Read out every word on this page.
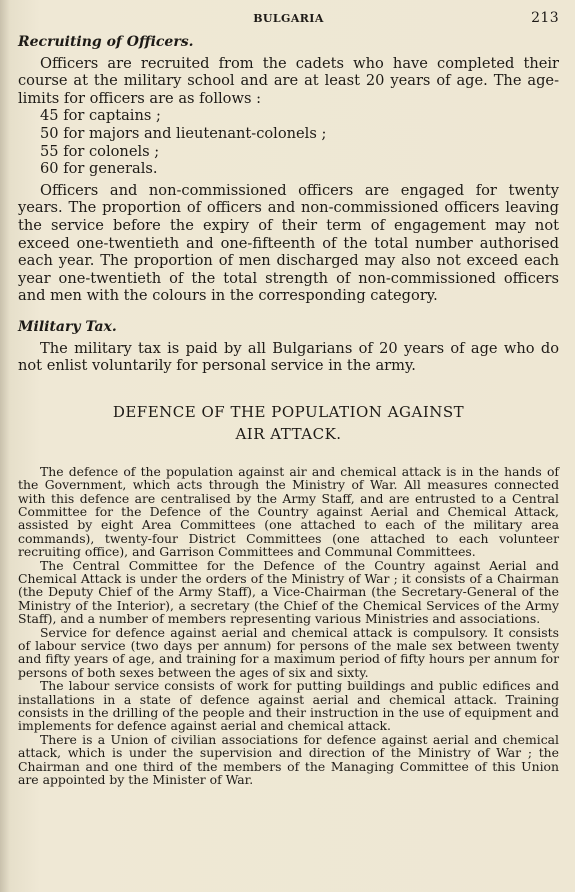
BULGARIA	213
Recruiting of Officers.

Officers are recruited from the cadets who have completed their course at the military school and are at least 20 years of age. The age-limits for officers are as follows :

45 for captains ;
50 for majors and lieutenant-colonels ;
55 for colonels ;
60 for generals.

Officers and non-commissioned officers are engaged for twenty years. The proportion of officers and non-commissioned officers leaving the service before the expiry of their term of engagement may not exceed one-twentieth and one-fifteenth of the total number authorised each year. The proportion of men discharged may also not exceed each year one-twentieth of the total strength of non-commissioned officers and men with the colours in the corresponding category.

Military Tax.

The military tax is paid by all Bulgarians of 20 years of age who do not enlist voluntarily for personal service in the army.

DEFENCE OF THE POPULATION AGAINST
AIR ATTACK.

The defence of the population against air and chemical attack is in the hands of the Government, which acts through the Ministry of War. All measures connected with this defence are centralised by the Army Staff, and are entrusted to a Central Committee for the Defence of the Country against Aerial and Chemical Attack, assisted by eight Area Committees (one attached to each of the military area commands), twenty-four District Committees (one attached to each volunteer recruiting office), and Garrison Committees and Communal Committees.

The Central Committee for the Defence of the Country against Aerial and Chemical Attack is under the orders of the Ministry of War ; it consists of a Chairman (the Deputy Chief of the Army Staff), a Vice-Chairman (the Secretary-General of the Ministry of the Interior), a secretary (the Chief of the Chemical Services of the Army Staff), and a number of members representing various Ministries and associations.

Service for defence against aerial and chemical attack is compulsory. It consists of labour service (two days per annum) for persons of the male sex between twenty and fifty years of age, and training for a maximum period of fifty hours per annum for persons of both sexes between the ages of six and sixty.

The labour service consists of work for putting buildings and public edifices and installations in a state of defence against aerial and chemical attack. Training consists in the drilling of the people and their instruction in the use of equipment and implements for defence against aerial and chemical attack.

There is a Union of civilian associations for defence against aerial and chemical attack, which is under the supervision and direction of the Ministry of War ; the Chairman and one third of the members of the Managing Committee of this Union are appointed by the Minister of War.
